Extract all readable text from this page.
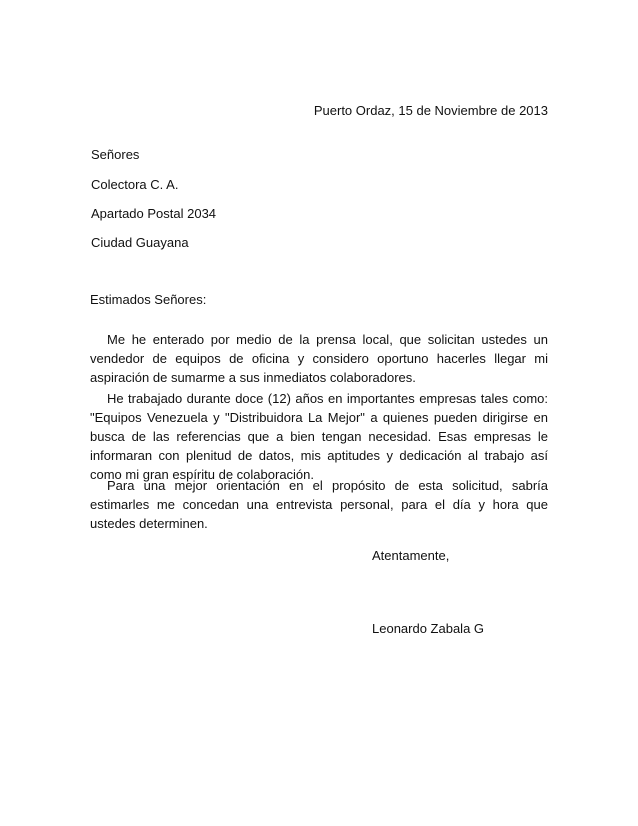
Puerto Ordaz, 15 de Noviembre de 2013
Señores
Colectora C. A.
Apartado Postal 2034
Ciudad Guayana
Estimados Señores:

Me he enterado por medio de la prensa local, que solicitan ustedes un vendedor de equipos de oficina y considero oportuno hacerles llegar mi aspiración de sumarme a sus inmediatos colaboradores.

He trabajado durante doce (12) años en importantes empresas tales como: "Equipos Venezuela y "Distribuidora La Mejor" a quienes pueden dirigirse en busca de las referencias que a bien tengan necesidad. Esas empresas le informaran con plenitud de datos, mis aptitudes y dedicación al trabajo así como mi gran espíritu de colaboración.

Para una mejor orientación en el propósito de esta solicitud, sabría estimarles me concedan una entrevista personal, para el día y hora que ustedes determinen.

Atentamente,
Leonardo Zabala G
